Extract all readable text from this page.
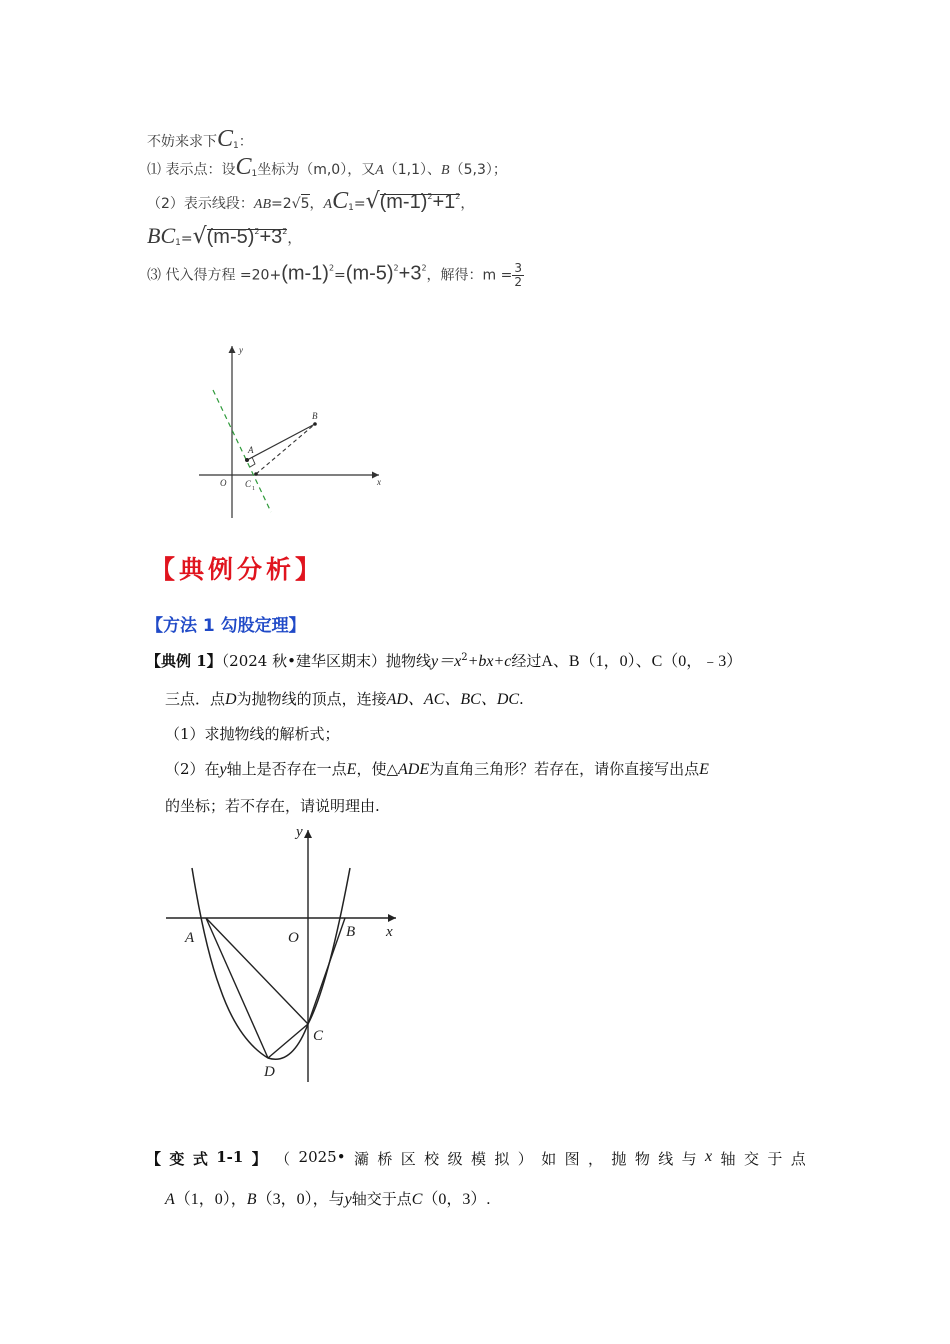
不妨来求下$C_1$：
⑴ 表示点：设$C_1$坐标为（m,0），又A（1,1）、B（5,3）；
（2）表示线段：AB=2√5，$AC_1=√(m-1)^2+1^2$，
$BC_1=√(m-5)^2+3^2$，
⑶ 代入得方程 $=20+(m-1)^2=(m-5)^2+3^2$，解得：$m = \frac{3}{2}$
y
x
O
A
B
C 1
【典例分析】
【方法 1 勾股定理】
【典例 1】（2024 秋•建华区期末）抛物线$y=x^2+bx+c$经过A、B（1，0）、C（0，﹣3）
三点．点D为抛物线的顶点，连接AD、AC、BC、DC.
（1）求抛物线的解析式；
（2）在y轴上是否存在一点E，使△ADE为直角三角形？若存在，请你直接写出点E
的坐标；若不存在，请说明理由.
y
x
O
A	B
C
D
【 变 式 1-1 】 （ 2025• 灞 桥 区 校 级 模 拟 ） 如 图 ， 抛 物 线 与 x 轴 交 于 点
A（1，0），B（3，0），与y轴交于点C（0，3）.
